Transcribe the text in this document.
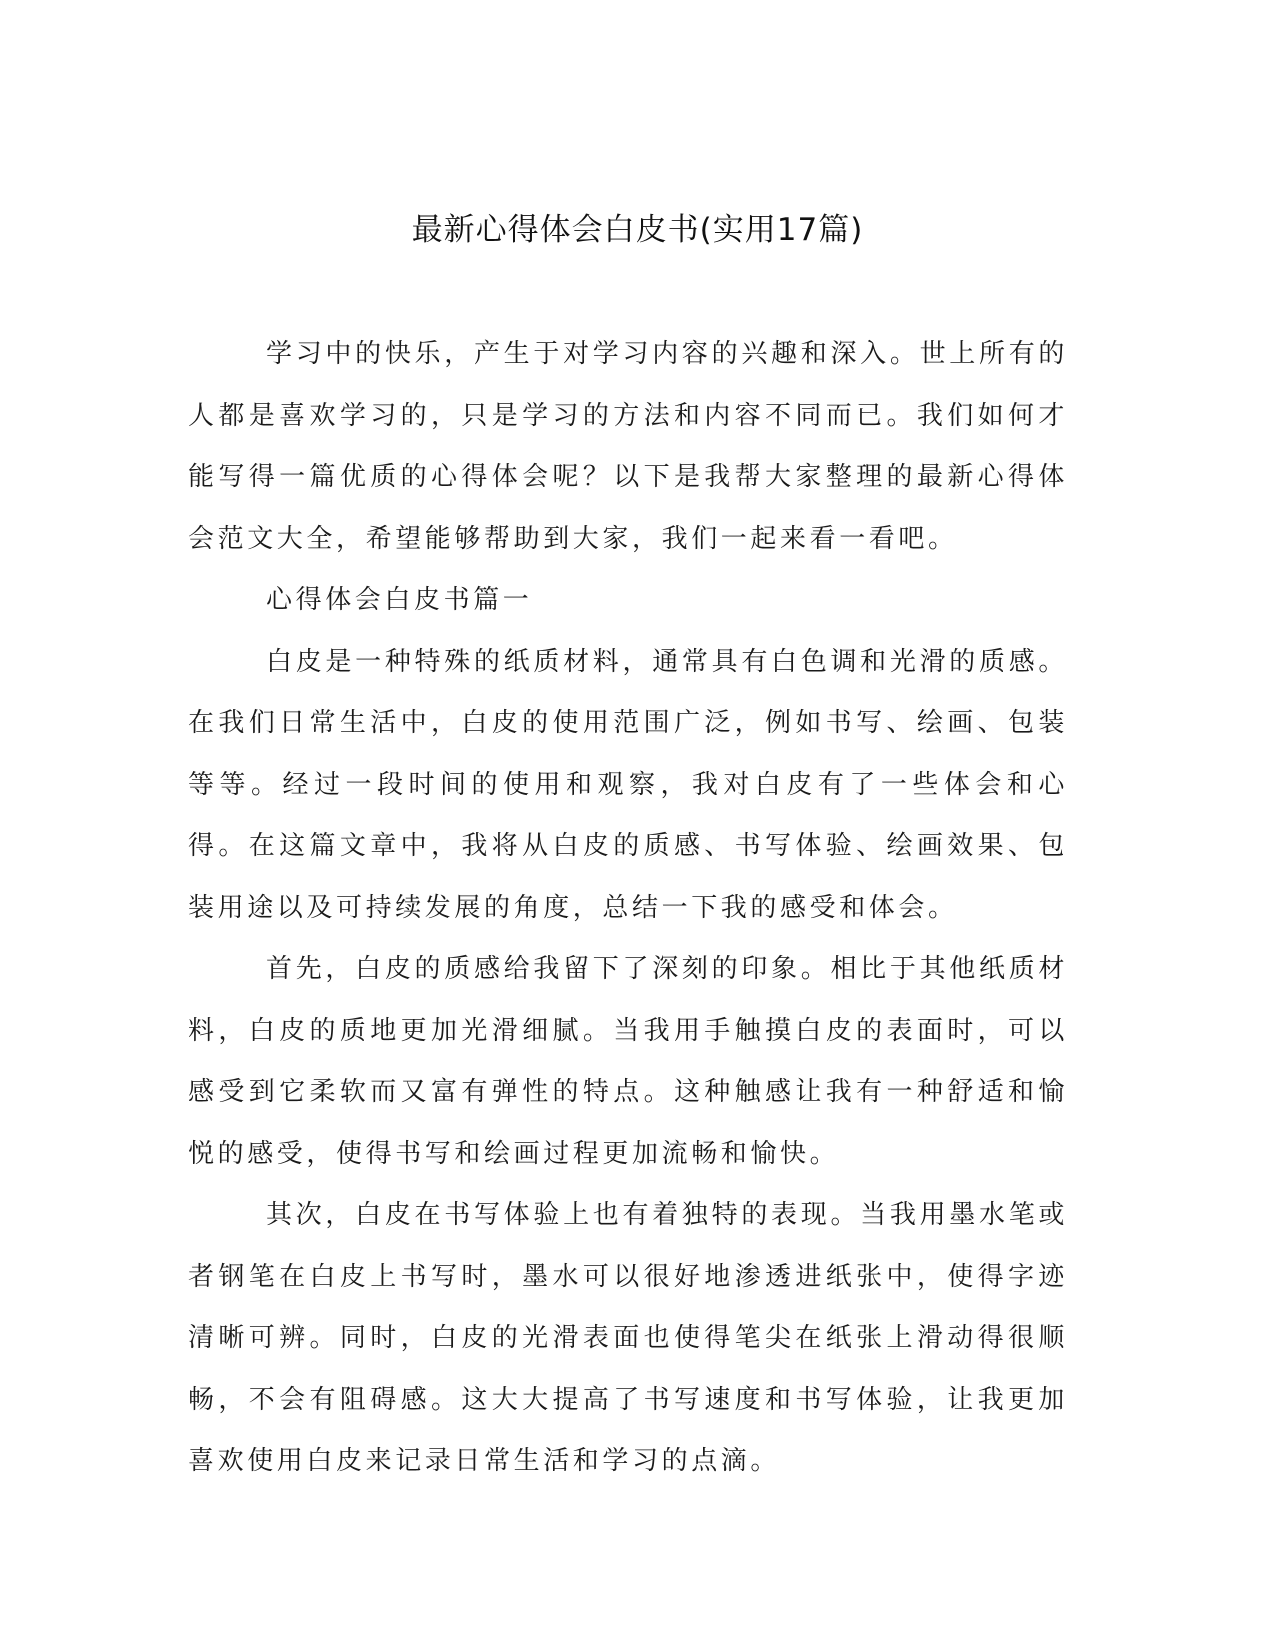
最新心得体会白皮书(实用17篇)

学习中的快乐，产生于对学习内容的兴趣和深入。世上所有的人都是喜欢学习的，只是学习的方法和内容不同而已。我们如何才能写得一篇优质的心得体会呢？以下是我帮大家整理的最新心得体会范文大全，希望能够帮助到大家，我们一起来看一看吧。

心得体会白皮书篇一

白皮是一种特殊的纸质材料，通常具有白色调和光滑的质感。在我们日常生活中，白皮的使用范围广泛，例如书写、绘画、包装等等。经过一段时间的使用和观察，我对白皮有了一些体会和心得。在这篇文章中，我将从白皮的质感、书写体验、绘画效果、包装用途以及可持续发展的角度，总结一下我的感受和体会。

首先，白皮的质感给我留下了深刻的印象。相比于其他纸质材料，白皮的质地更加光滑细腻。当我用手触摸白皮的表面时，可以感受到它柔软而又富有弹性的特点。这种触感让我有一种舒适和愉悦的感受，使得书写和绘画过程更加流畅和愉快。

其次，白皮在书写体验上也有着独特的表现。当我用墨水笔或者钢笔在白皮上书写时，墨水可以很好地渗透进纸张中，使得字迹清晰可辨。同时，白皮的光滑表面也使得笔尖在纸张上滑动得很顺畅，不会有阻碍感。这大大提高了书写速度和书写体验，让我更加喜欢使用白皮来记录日常生活和学习的点滴。
